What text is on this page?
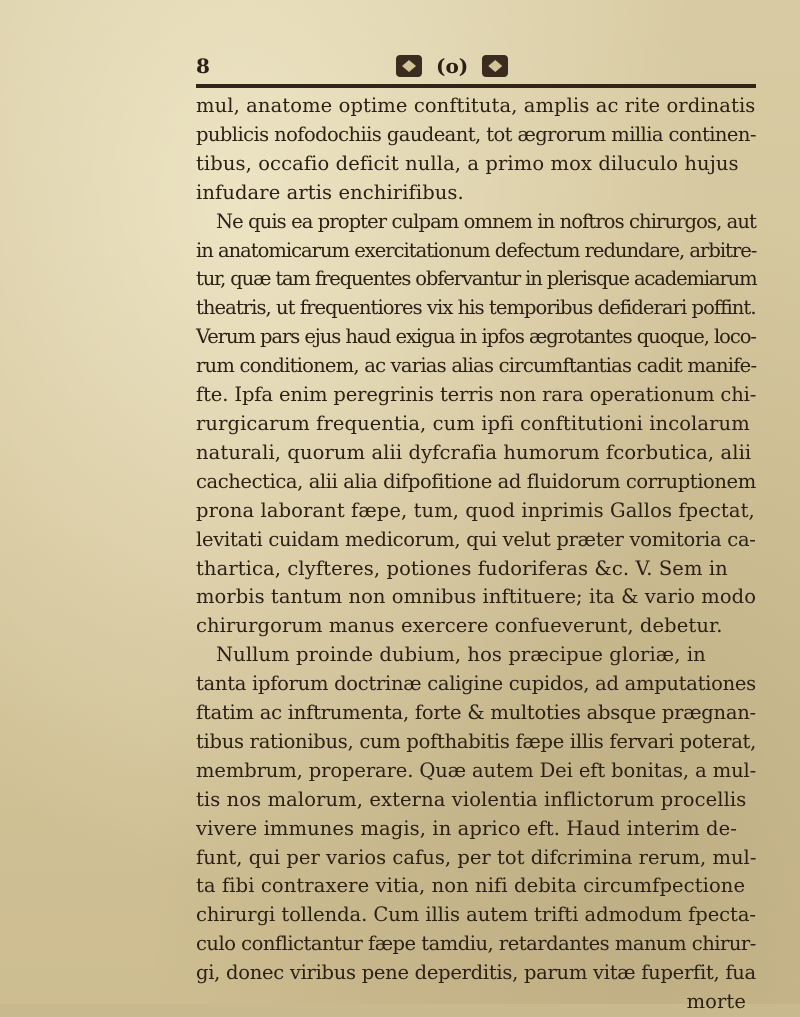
8	(o)
mul, anatome optime conftituta, amplis ac rite ordinatis
publicis nofodochiis gaudeant, tot ægrorum millia continen-
tibus, occafio deficit nulla, a primo mox diluculo hujus
infudare artis enchirifibus.
Ne quis ea propter culpam omnem in noftros chirurgos, aut
in anatomicarum exercitationum defectum redundare, arbitre-
tur, quæ tam frequentes obfervantur in plerisque academiarum
theatris, ut frequentiores vix his temporibus defiderari poffint.
Verum pars ejus haud exigua in ipfos ægrotantes quoque, loco-
rum conditionem, ac varias alias circumftantias cadit manife-
fte. Ipfa enim peregrinis terris non rara operationum chi-
rurgicarum frequentia, cum ipfi conftitutioni incolarum
naturali, quorum alii dyfcrafia humorum fcorbutica, alii
cachectica, alii alia difpofitione ad fluidorum corruptionem
prona laborant fæpe, tum, quod inprimis Gallos fpectat,
levitati cuidam medicorum, qui velut præter vomitoria ca-
thartica, clyfteres, potiones fudoriferas &c. V. Sem in
morbis tantum non omnibus inftituere; ita & vario modo
chirurgorum manus exercere confueverunt, debetur.
Nullum proinde dubium, hos præcipue gloriæ, in
tanta ipforum doctrinæ caligine cupidos, ad amputationes
ftatim ac inftrumenta, forte & multoties absque prægnan-
tibus rationibus, cum pofthabitis fæpe illis fervari poterat,
membrum, properare. Quæ autem Dei eft bonitas, a mul-
tis nos malorum, externa violentia inflictorum procellis
vivere immunes magis, in aprico eft. Haud interim de-
funt, qui per varios cafus, per tot difcrimina rerum, mul-
ta fibi contraxere vitia, non nifi debita circumfpectione
chirurgi tollenda. Cum illis autem trifti admodum fpecta-
culo conflictantur fæpe tamdiu, retardantes manum chirur-
gi, donec viribus pene deperditis, parum vitæ fuperfit, fua
morte
